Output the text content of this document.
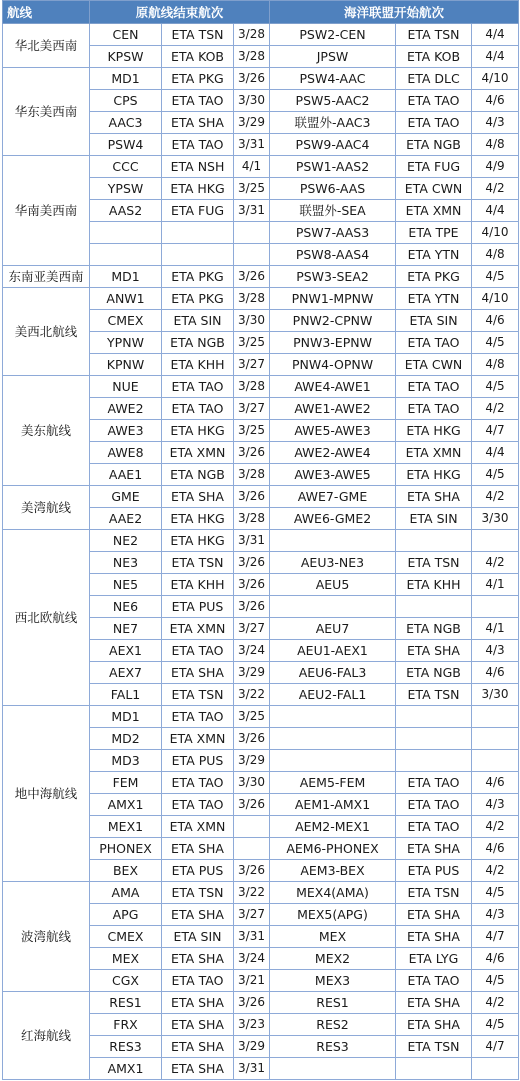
航线	原航线结束航次			海洋联盟开始航次		
华北美西南	CEN	ETA TSN	3/28	PSW2-CEN	ETA TSN	4/4
	KPSW	ETA KOB	3/28	JPSW	ETA KOB	4/4
华东美西南	MD1	ETA PKG	3/26	PSW4-AAC	ETA DLC	4/10
	CPS	ETA TAO	3/30	PSW5-AAC2	ETA TAO	4/6
	AAC3	ETA SHA	3/29	联盟外-AAC3	ETA TAO	4/3
	PSW4	ETA TAO	3/31	PSW9-AAC4	ETA NGB	4/8
华南美西南	CCC	ETA NSH	4/1	PSW1-AAS2	ETA FUG	4/9
	YPSW	ETA HKG	3/25	PSW6-AAS	ETA CWN	4/2
	AAS2	ETA FUG	3/31	联盟外-SEA	ETA XMN	4/4
				PSW7-AAS3	ETA TPE	4/10
				PSW8-AAS4	ETA YTN	4/8
东南亚美西南	MD1	ETA PKG	3/26	PSW3-SEA2	ETA PKG	4/5
美西北航线	ANW1	ETA PKG	3/28	PNW1-MPNW	ETA YTN	4/10
	CMEX	ETA SIN	3/30	PNW2-CPNW	ETA SIN	4/6
	YPNW	ETA NGB	3/25	PNW3-EPNW	ETA TAO	4/5
	KPNW	ETA KHH	3/27	PNW4-OPNW	ETA CWN	4/8
美东航线	NUE	ETA TAO	3/28	AWE4-AWE1	ETA TAO	4/5
	AWE2	ETA TAO	3/27	AWE1-AWE2	ETA TAO	4/2
	AWE3	ETA HKG	3/25	AWE5-AWE3	ETA HKG	4/7
	AWE8	ETA XMN	3/26	AWE2-AWE4	ETA XMN	4/4
	AAE1	ETA NGB	3/28	AWE3-AWE5	ETA HKG	4/5
美湾航线	GME	ETA SHA	3/26	AWE7-GME	ETA SHA	4/2
	AAE2	ETA HKG	3/28	AWE6-GME2	ETA SIN	3/30
西北欧航线	NE2	ETA HKG	3/31			
	NE3	ETA TSN	3/26	AEU3-NE3	ETA TSN	4/2
	NE5	ETA KHH	3/26	AEU5	ETA KHH	4/1
	NE6	ETA PUS	3/26			
	NE7	ETA XMN	3/27	AEU7	ETA NGB	4/1
	AEX1	ETA TAO	3/24	AEU1-AEX1	ETA SHA	4/3
	AEX7	ETA SHA	3/29	AEU6-FAL3	ETA NGB	4/6
	FAL1	ETA TSN	3/22	AEU2-FAL1	ETA TSN	3/30
地中海航线	MD1	ETA TAO	3/25			
	MD2	ETA XMN	3/26			
	MD3	ETA PUS	3/29			
	FEM	ETA TAO	3/30	AEM5-FEM	ETA TAO	4/6
	AMX1	ETA TAO	3/26	AEM1-AMX1	ETA TAO	4/3
	MEX1	ETA XMN		AEM2-MEX1	ETA TAO	4/2
	PHONEX	ETA SHA		AEM6-PHONEX	ETA SHA	4/6
	BEX	ETA PUS	3/26	AEM3-BEX	ETA PUS	4/2
波湾航线	AMA	ETA TSN	3/22	MEX4(AMA)	ETA TSN	4/5
	APG	ETA SHA	3/27	MEX5(APG)	ETA SHA	4/3
	CMEX	ETA SIN	3/31	MEX	ETA SHA	4/7
	MEX	ETA SHA	3/24	MEX2	ETA LYG	4/6
	CGX	ETA TAO	3/21	MEX3	ETA TAO	4/5
红海航线	RES1	ETA SHA	3/26	RES1	ETA SHA	4/2
	FRX	ETA SHA	3/23	RES2	ETA SHA	4/5
	RES3	ETA SHA	3/29	RES3	ETA TSN	4/7
	AMX1	ETA SHA	3/31			
